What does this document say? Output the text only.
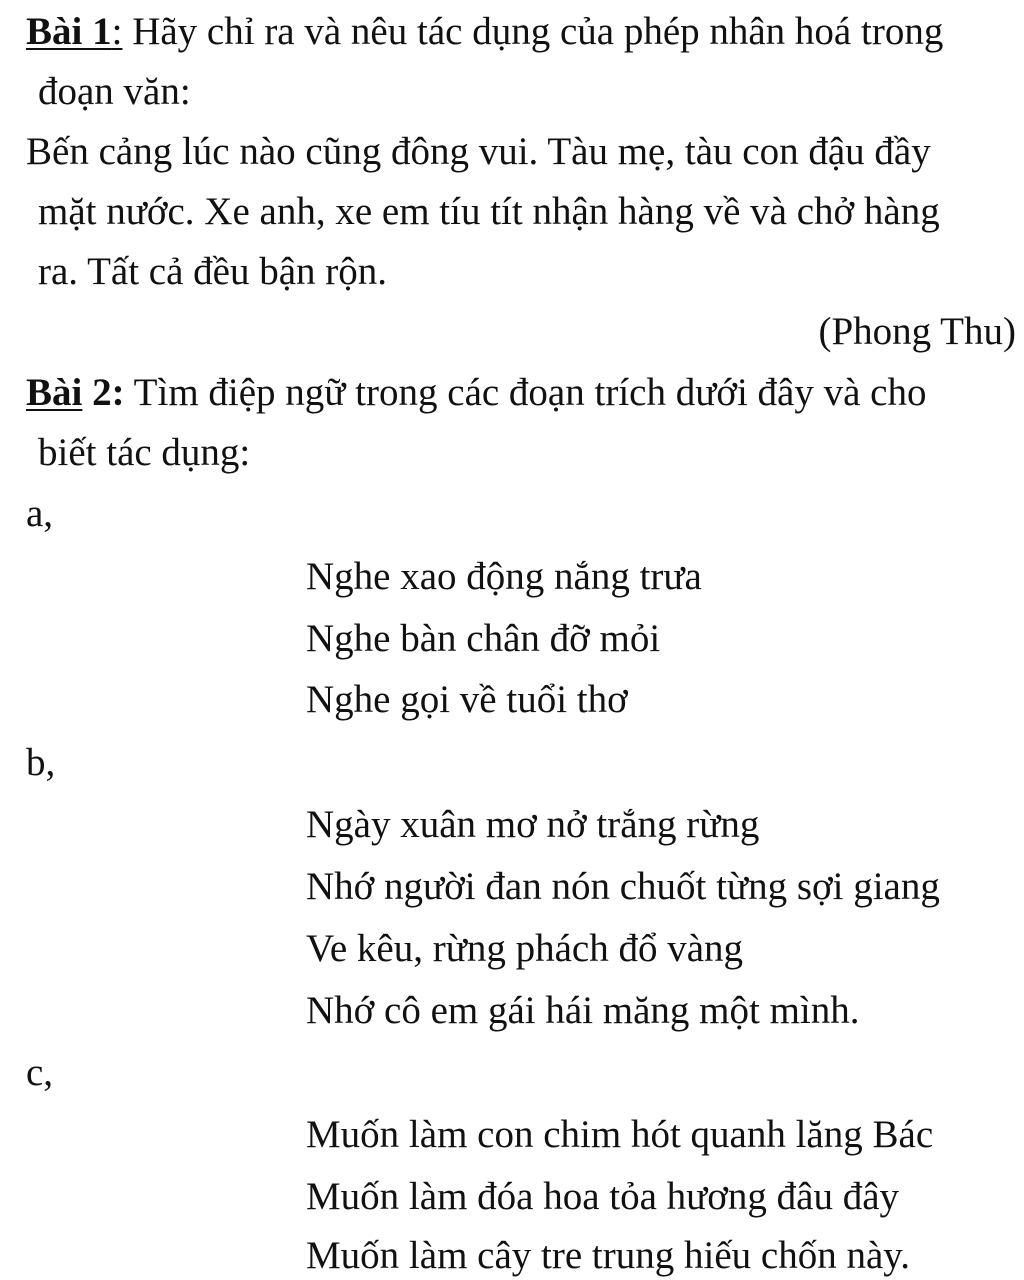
Bài 1: Hãy chỉ ra và nêu tác dụng của phép nhân hoá trong
đoạn văn:
Bến cảng lúc nào cũng đông vui. Tàu mẹ, tàu con đậu đầy
mặt nước. Xe anh, xe em tíu tít nhận hàng về và chở hàng
ra. Tất cả đều bận rộn.
(Phong Thu)
Bài 2: Tìm điệp ngữ trong các đoạn trích dưới đây và cho
biết tác dụng:
a,
Nghe xao động nắng trưa
Nghe bàn chân đỡ mỏi
Nghe gọi về tuổi thơ
b,
Ngày xuân mơ nở trắng rừng
Nhớ người đan nón chuốt từng sợi giang
Ve kêu, rừng phách đổ vàng
Nhớ cô em gái hái măng một mình.
c,
Muốn làm con chim hót quanh lăng Bác
Muốn làm đóa hoa tỏa hương đâu đây
Muốn làm cây tre trung hiếu chốn này.
